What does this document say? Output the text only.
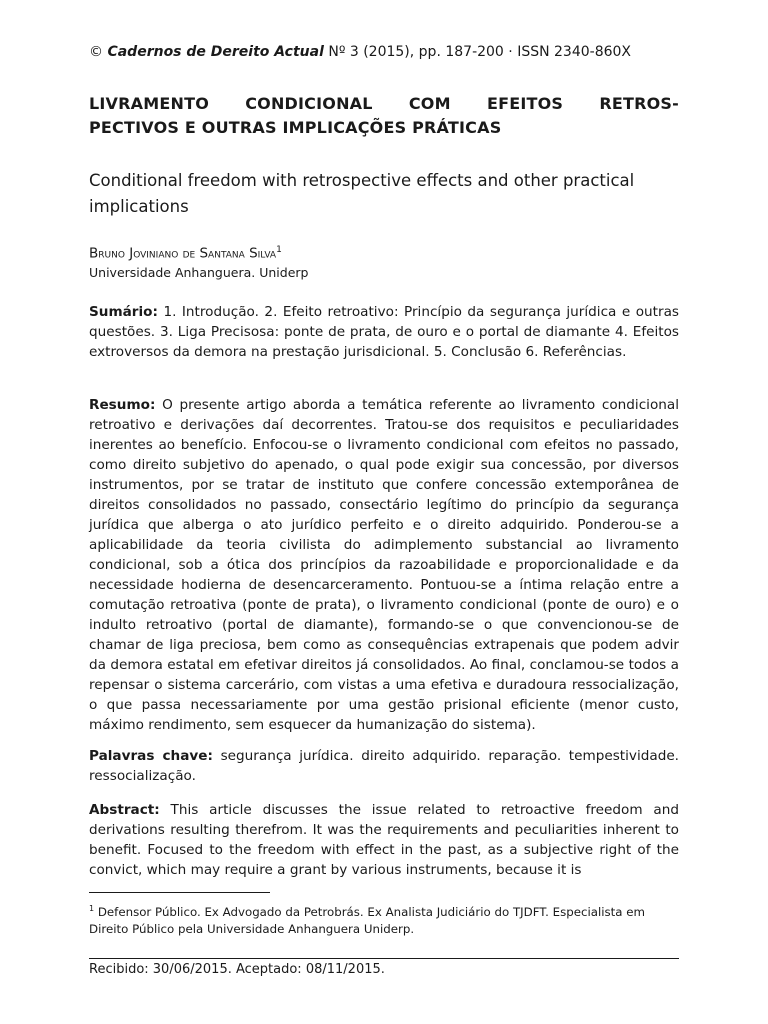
© Cadernos de Dereito Actual Nº 3 (2015), pp. 187-200 · ISSN 2340-860X
LIVRAMENTO CONDICIONAL COM EFEITOS RETROS-
PECTIVOS E OUTRAS IMPLICAÇÕES PRÁTICAS
Conditional freedom with retrospective effects and other practical implications
Bruno Joviniano de Santana Silva$^1$
Universidade Anhanguera. Uniderp
Sumário: 1. Introdução. 2. Efeito retroativo: Princípio da segurança jurídica e outras questões. 3. Liga Precisosa: ponte de prata, de ouro e o portal de diamante 4. Efeitos extroversos da demora na prestação jurisdicional. 5. Conclusão 6. Referências.
Resumo: O presente artigo aborda a temática referente ao livramento condicional retroativo e derivações daí decorrentes. Tratou-se dos requisitos e peculiaridades inerentes ao benefício. Enfocou-se o livramento condicional com efeitos no passado, como direito subjetivo do apenado, o qual pode exigir sua concessão, por diversos instrumentos, por se tratar de instituto que confere concessão extemporânea de direitos consolidados no passado, consectário legítimo do princípio da segurança jurídica que alberga o ato jurídico perfeito e o direito adquirido. Ponderou-se a aplicabilidade da teoria civilista do adimplemento substancial ao livramento condicional, sob a ótica dos princípios da razoabilidade e proporcionalidade e da necessidade hodierna de desencarceramento. Pontuou-se a íntima relação entre a comutação retroativa (ponte de prata), o livramento condicional (ponte de ouro) e o indulto retroativo (portal de diamante), formando-se o que convencionou-se de chamar de liga preciosa, bem como as consequências extrapenais que podem advir da demora estatal em efetivar direitos já consolidados. Ao final, conclamou-se todos a repensar o sistema carcerário, com vistas a uma efetiva e duradoura ressocialização, o que passa necessariamente por uma gestão prisional eficiente (menor custo, máximo rendimento, sem esquecer da humanização do sistema).
Palavras chave: segurança jurídica. direito adquirido. reparação. tempestividade. ressocialização.
Abstract: This article discusses the issue related to retroactive freedom and derivations resulting therefrom. It was the requirements and peculiarities inherent to benefit. Focused to the freedom with effect in the past, as a subjective right of the convict, which may require a grant by various instruments, because it is
$^1$ Defensor Público. Ex Advogado da Petrobrás. Ex Analista Judiciário do TJDFT. Especialista em Direito Público pela Universidade Anhanguera Uniderp.
Recibido: 30/06/2015. Aceptado: 08/11/2015.
